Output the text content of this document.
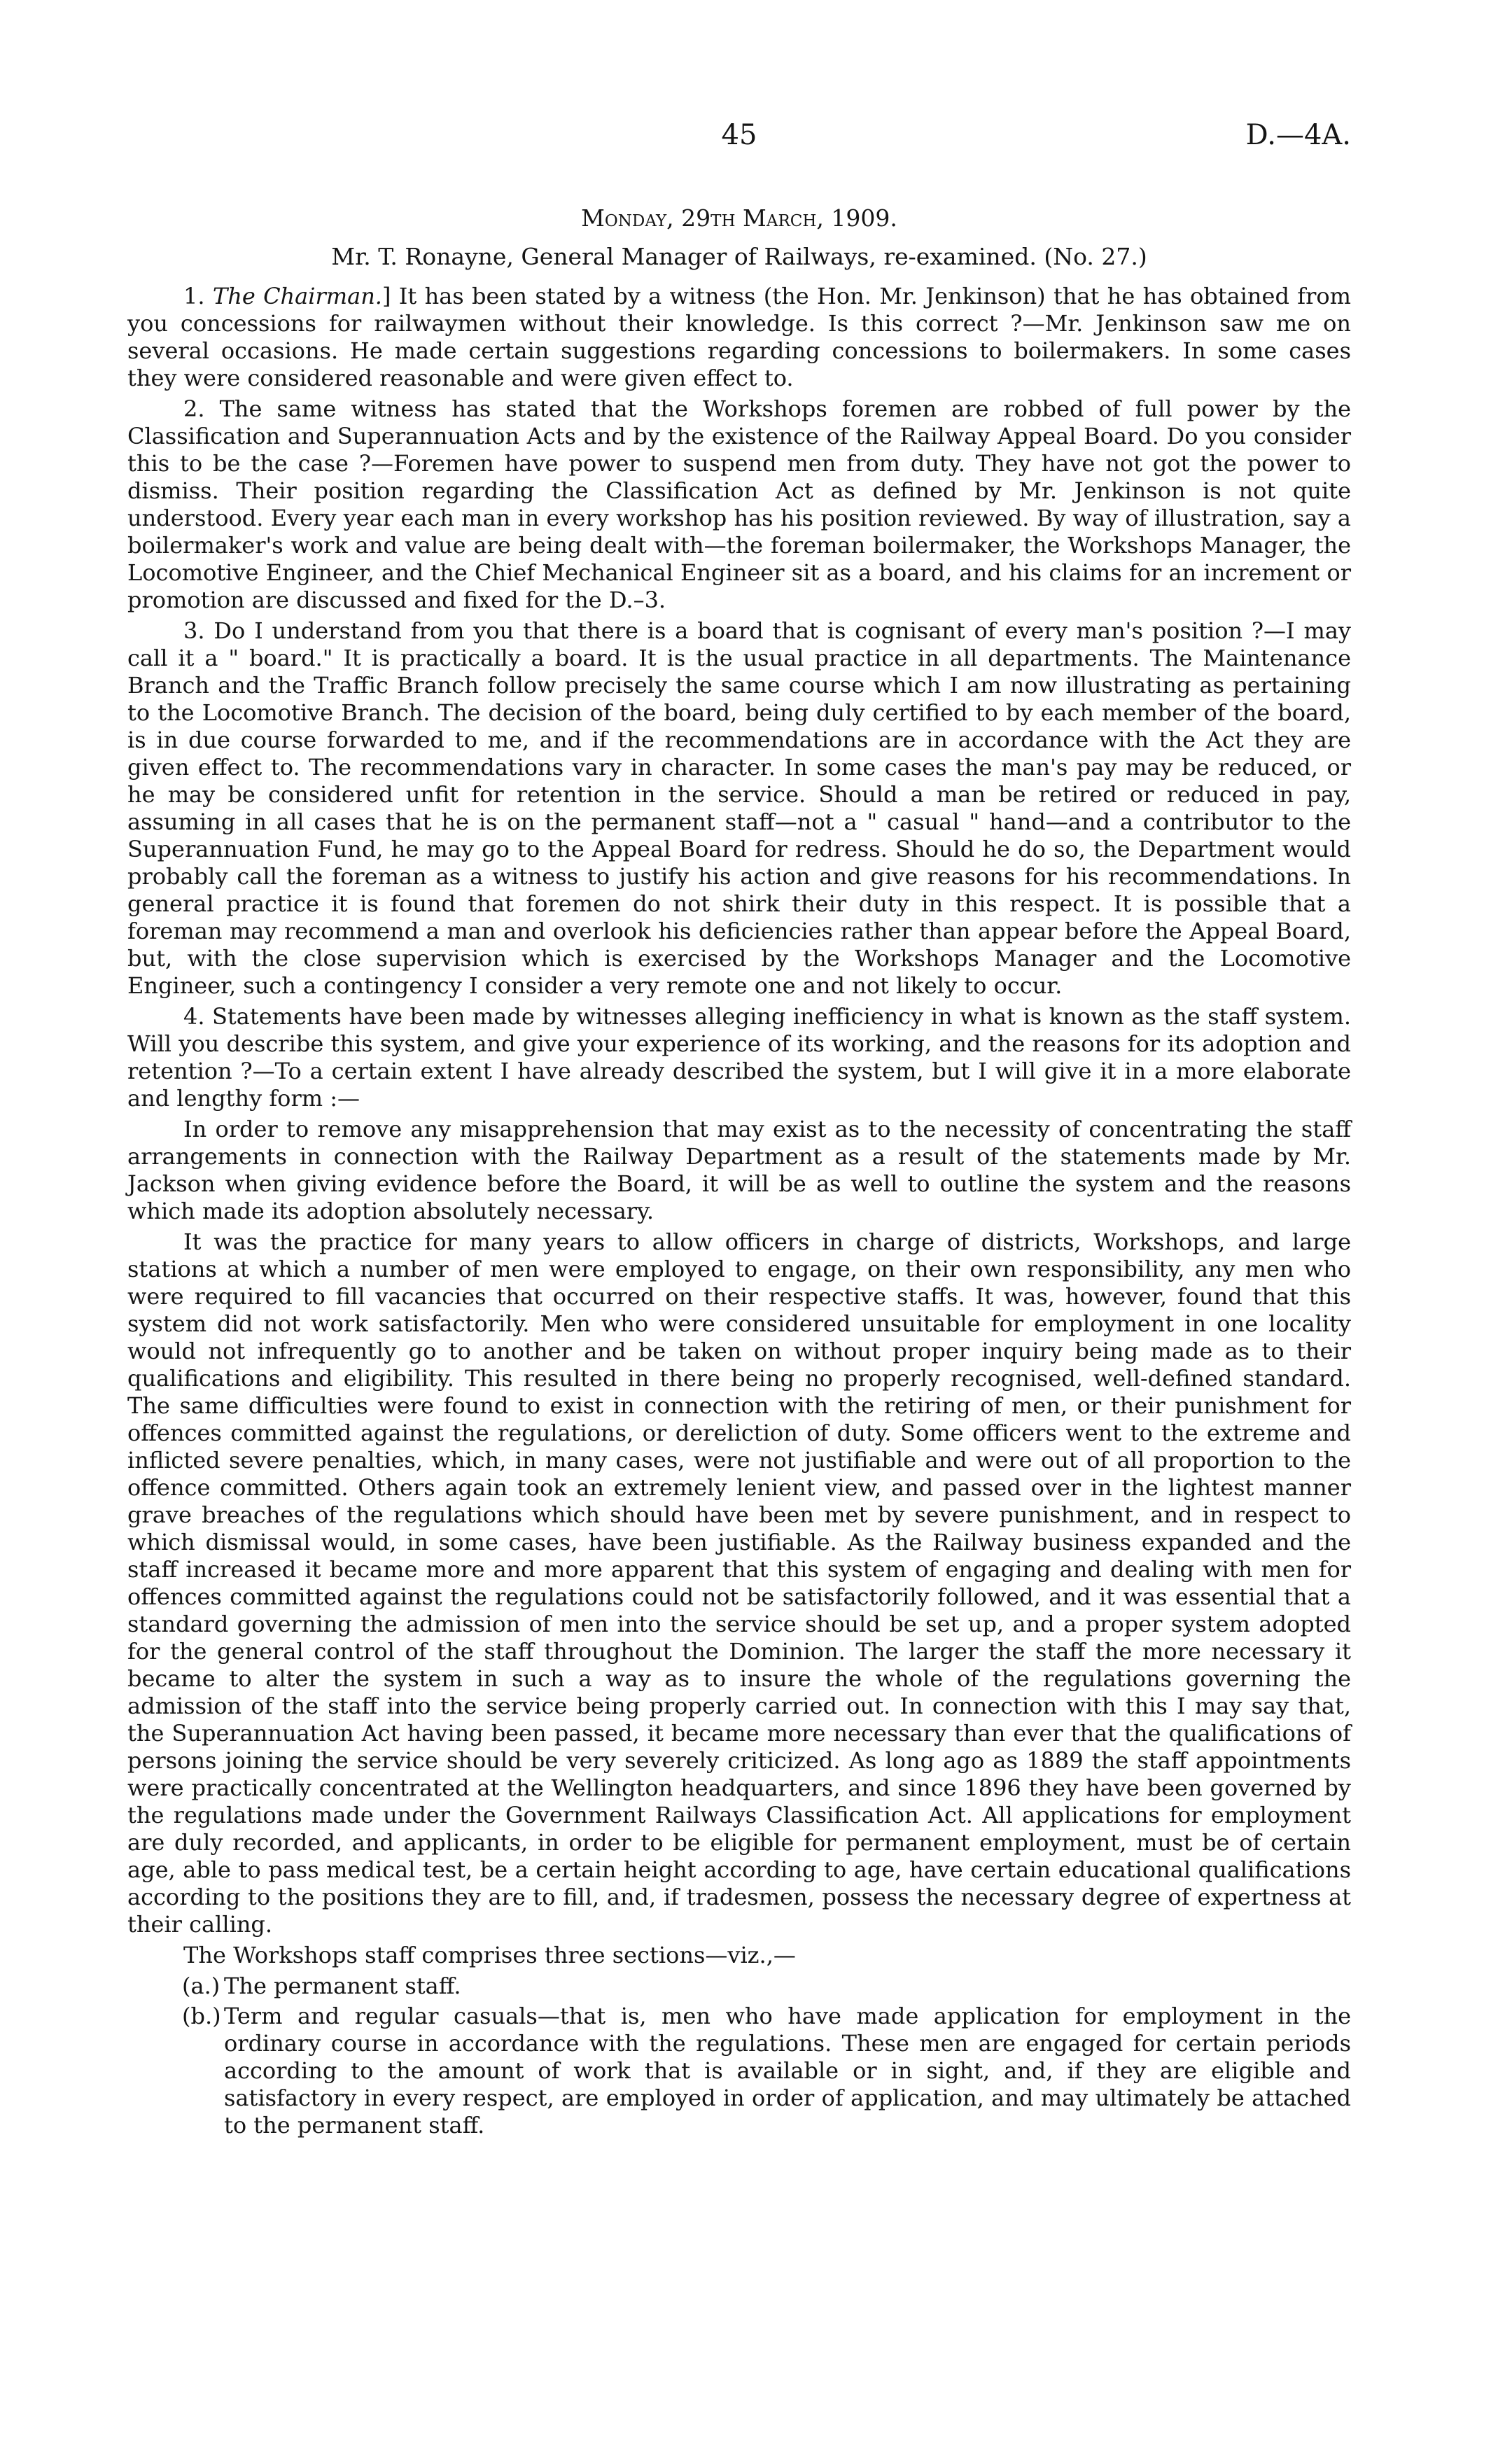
45	D.—4A.
Monday, 29th March, 1909.
Mr. T. Ronayne, General Manager of Railways, re-examined. (No. 27.)

1. The Chairman.] It has been stated by a witness (the Hon. Mr. Jenkinson) that he has obtained from you concessions for railwaymen without their knowledge. Is this correct ?—Mr. Jenkinson saw me on several occasions. He made certain suggestions regarding concessions to boilermakers. In some cases they were considered reasonable and were given effect to.

2. The same witness has stated that the Workshops foremen are robbed of full power by the Classification and Superannuation Acts and by the existence of the Railway Appeal Board. Do you consider this to be the case ?—Foremen have power to suspend men from duty. They have not got the power to dismiss. Their position regarding the Classification Act as defined by Mr. Jenkinson is not quite understood. Every year each man in every workshop has his position reviewed. By way of illustration, say a boilermaker's work and value are being dealt with—the foreman boilermaker, the Workshops Manager, the Locomotive Engineer, and the Chief Mechanical Engineer sit as a board, and his claims for an increment or promotion are discussed and fixed for the D.–3.

3. Do I understand from you that there is a board that is cognisant of every man's position ?—I may call it a " board." It is practically a board. It is the usual practice in all departments. The Maintenance Branch and the Traffic Branch follow precisely the same course which I am now illustrating as pertaining to the Locomotive Branch. The decision of the board, being duly certified to by each member of the board, is in due course forwarded to me, and if the recommendations are in accordance with the Act they are given effect to. The recommendations vary in character. In some cases the man's pay may be reduced, or he may be considered unfit for retention in the service. Should a man be retired or reduced in pay, assuming in all cases that he is on the permanent staff—not a " casual " hand—and a contributor to the Superannuation Fund, he may go to the Appeal Board for redress. Should he do so, the Department would probably call the foreman as a witness to justify his action and give reasons for his recommendations. In general practice it is found that foremen do not shirk their duty in this respect. It is possible that a foreman may recommend a man and overlook his deficiencies rather than appear before the Appeal Board, but, with the close supervision which is exercised by the Workshops Manager and the Locomotive Engineer, such a contingency I consider a very remote one and not likely to occur.

4. Statements have been made by witnesses alleging inefficiency in what is known as the staff system. Will you describe this system, and give your experience of its working, and the reasons for its adoption and retention ?—To a certain extent I have already described the system, but I will give it in a more elaborate and lengthy form :—

In order to remove any misapprehension that may exist as to the necessity of concentrating the staff arrangements in connection with the Railway Department as a result of the statements made by Mr. Jackson when giving evidence before the Board, it will be as well to outline the system and the reasons which made its adoption absolutely necessary.

It was the practice for many years to allow officers in charge of districts, Workshops, and large stations at which a number of men were employed to engage, on their own responsibility, any men who were required to fill vacancies that occurred on their respective staffs. It was, however, found that this system did not work satisfactorily. Men who were considered unsuitable for employment in one locality would not infrequently go to another and be taken on without proper inquiry being made as to their qualifications and eligibility. This resulted in there being no properly recognised, well-defined standard. The same difficulties were found to exist in connection with the retiring of men, or their punishment for offences committed against the regulations, or dereliction of duty. Some officers went to the extreme and inflicted severe penalties, which, in many cases, were not justifiable and were out of all proportion to the offence committed. Others again took an extremely lenient view, and passed over in the lightest manner grave breaches of the regulations which should have been met by severe punishment, and in respect to which dismissal would, in some cases, have been justifiable. As the Railway business expanded and the staff increased it became more and more apparent that this system of engaging and dealing with men for offences committed against the regulations could not be satisfactorily followed, and it was essential that a standard governing the admission of men into the service should be set up, and a proper system adopted for the general control of the staff throughout the Dominion. The larger the staff the more necessary it became to alter the system in such a way as to insure the whole of the regulations governing the admission of the staff into the service being properly carried out. In connection with this I may say that, the Superannuation Act having been passed, it became more necessary than ever that the qualifications of persons joining the service should be very severely criticized. As long ago as 1889 the staff appointments were practically concentrated at the Wellington headquarters, and since 1896 they have been governed by the regulations made under the Government Railways Classification Act. All applications for employment are duly recorded, and applicants, in order to be eligible for permanent employment, must be of certain age, able to pass medical test, be a certain height according to age, have certain educational qualifications according to the positions they are to fill, and, if tradesmen, possess the necessary degree of expertness at their calling.

The Workshops staff comprises three sections—viz.,—

(a.) The permanent staff.
(b.) Term and regular casuals—that is, men who have made application for employment in the ordinary course in accordance with the regulations. These men are engaged for certain periods according to the amount of work that is available or in sight, and, if they are eligible and satisfactory in every respect, are employed in order of application, and may ultimately be attached to the permanent staff.
